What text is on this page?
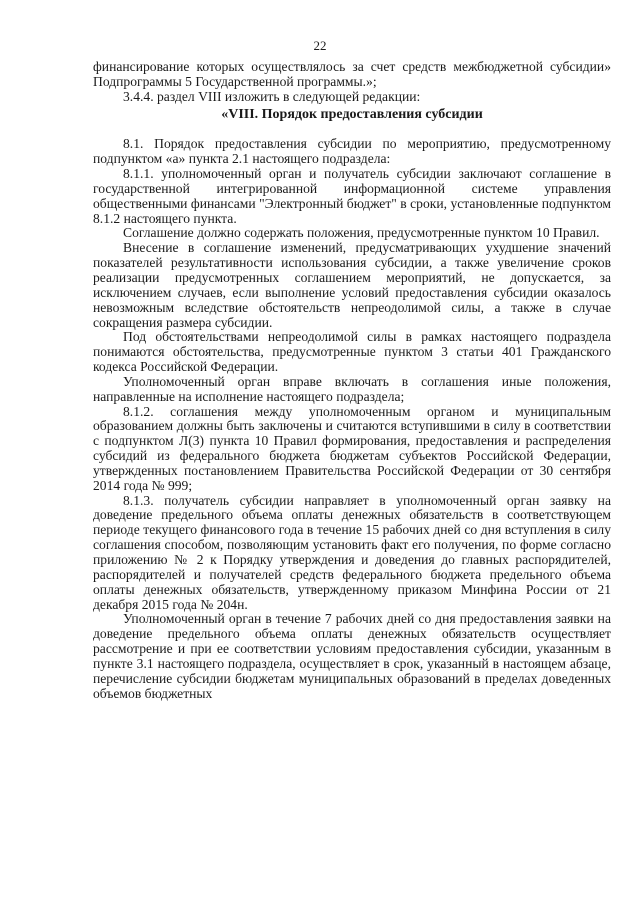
22

финансирование которых осуществлялось за счет средств межбюджетной субсидии» Подпрограммы 5 Государственной программы.»;

3.4.4. раздел VIII изложить в следующей редакции:

«VIII. Порядок предоставления субсидии

8.1. Порядок предоставления субсидии по мероприятию, предусмотренному подпунктом «а» пункта 2.1 настоящего подраздела:

8.1.1. уполномоченный орган и получатель субсидии заключают соглашение в государственной интегрированной информационной системе управления общественными финансами "Электронный бюджет" в сроки, установленные подпунктом 8.1.2 настоящего пункта.

Соглашение должно содержать положения, предусмотренные пунктом 10 Правил.

Внесение в соглашение изменений, предусматривающих ухудшение значений показателей результативности использования субсидии, а также увеличение сроков реализации предусмотренных соглашением мероприятий, не допускается, за исключением случаев, если выполнение условий предоставления субсидии оказалось невозможным вследствие обстоятельств непреодолимой силы, а также в случае сокращения размера субсидии.

Под обстоятельствами непреодолимой силы в рамках настоящего подраздела понимаются обстоятельства, предусмотренные пунктом 3 статьи 401 Гражданского кодекса Российской Федерации.

Уполномоченный орган вправе включать в соглашения иные положения, направленные на исполнение настоящего подраздела;

8.1.2. соглашения между уполномоченным органом и муниципальным образованием должны быть заключены и считаются вступившими в силу в соответствии с подпунктом Л(3) пункта 10 Правил формирования, предоставления и распределения субсидий из федерального бюджета бюджетам субъектов Российской Федерации, утвержденных постановлением Правительства Российской Федерации от 30 сентября 2014 года № 999;

8.1.3. получатель субсидии направляет в уполномоченный орган заявку на доведение предельного объема оплаты денежных обязательств в соответствующем периоде текущего финансового года в течение 15 рабочих дней со дня вступления в силу соглашения способом, позволяющим установить факт его получения, по форме согласно приложению № 2 к Порядку утверждения и доведения до главных распорядителей, распорядителей и получателей средств федерального бюджета предельного объема оплаты денежных обязательств, утвержденному приказом Минфина России от 21 декабря 2015 года № 204н.

Уполномоченный орган в течение 7 рабочих дней со дня предоставления заявки на доведение предельного объема оплаты денежных обязательств осуществляет рассмотрение и при ее соответствии условиям предоставления субсидии, указанным в пункте 3.1 настоящего подраздела, осуществляет в срок, указанный в настоящем абзаце, перечисление субсидии бюджетам муниципальных образований в пределах доведенных объемов бюджетных
